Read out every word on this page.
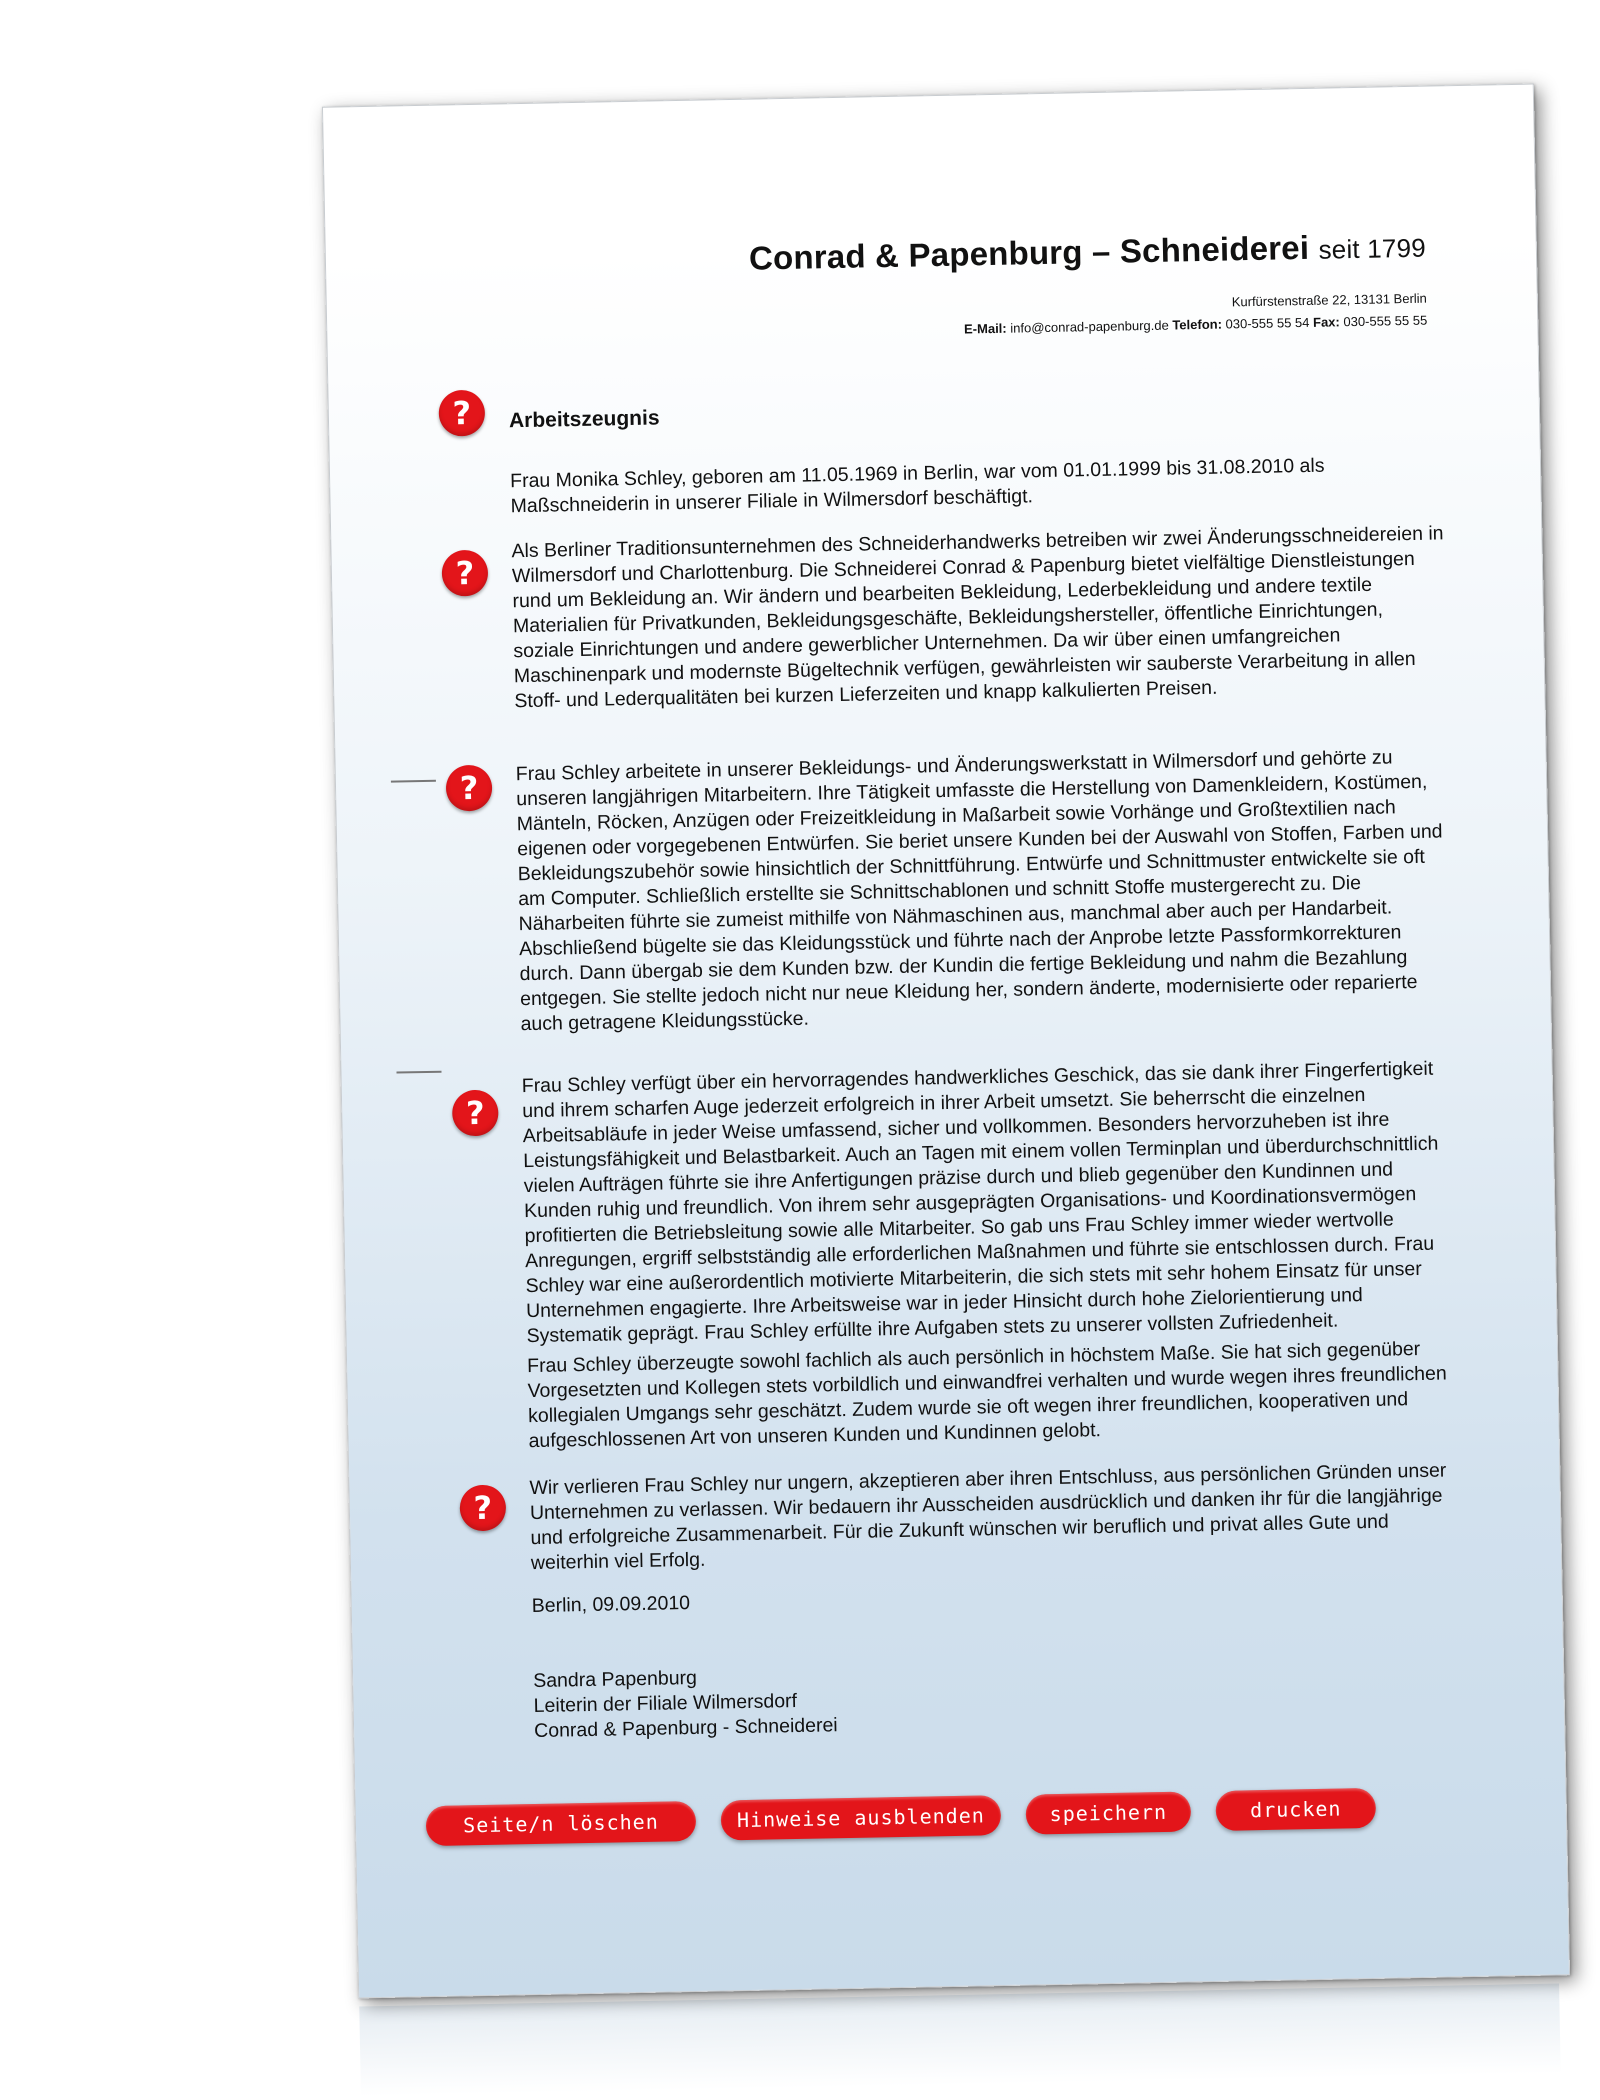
Conrad & Papenburg – Schneiderei seit 1799
Kurfürstenstraße 22, 13131 Berlin
E-Mail: info@conrad-papenburg.de Telefon: 030-555 55 54 Fax: 030-555 55 55
?	Arbeitszeugnis
Frau Monika Schley, geboren am 11.05.1969 in Berlin, war vom 01.01.1999 bis 31.08.2010 als Maßschneiderin in unserer Filiale in Wilmersdorf beschäftigt.
?
Als Berliner Traditionsunternehmen des Schneiderhandwerks betreiben wir zwei Änderungsschneidereien in Wilmersdorf und Charlottenburg. Die Schneiderei Conrad & Papenburg bietet vielfältige Dienstleistungen rund um Bekleidung an. Wir ändern und bearbeiten Bekleidung, Lederbekleidung und andere textile Materialien für Privatkunden, Bekleidungsgeschäfte, Bekleidungshersteller, öffentliche Einrichtungen, soziale Einrichtungen und andere gewerblicher Unternehmen. Da wir über einen umfangreichen Maschinenpark und modernste Bügeltechnik verfügen, gewährleisten wir sauberste Verarbeitung in allen Stoff- und Lederqualitäten bei kurzen Lieferzeiten und knapp kalkulierten Preisen.
?
Frau Schley arbeitete in unserer Bekleidungs- und Änderungswerkstatt in Wilmersdorf und gehörte zu unseren langjährigen Mitarbeitern. Ihre Tätigkeit umfasste die Herstellung von Damenkleidern, Kostümen, Mänteln, Röcken, Anzügen oder Freizeitkleidung in Maßarbeit sowie Vorhänge und Großtextilien nach eigenen oder vorgegebenen Entwürfen. Sie beriet unsere Kunden bei der Auswahl von Stoffen, Farben und Bekleidungszubehör sowie hinsichtlich der Schnittführung. Entwürfe und Schnittmuster entwickelte sie oft am Computer. Schließlich erstellte sie Schnittschablonen und schnitt Stoffe mustergerecht zu. Die Näharbeiten führte sie zumeist mithilfe von Nähmaschinen aus, manchmal aber auch per Handarbeit. Abschließend bügelte sie das Kleidungsstück und führte nach der Anprobe letzte Passformkorrekturen durch. Dann übergab sie dem Kunden bzw. der Kundin die fertige Bekleidung und nahm die Bezahlung entgegen. Sie stellte jedoch nicht nur neue Kleidung her, sondern änderte, modernisierte oder reparierte auch getragene Kleidungsstücke.
?
Frau Schley verfügt über ein hervorragendes handwerkliches Geschick, das sie dank ihrer Fingerfertigkeit und ihrem scharfen Auge jederzeit erfolgreich in ihrer Arbeit umsetzt. Sie beherrscht die einzelnen Arbeitsabläufe in jeder Weise umfassend, sicher und vollkommen. Besonders hervorzuheben ist ihre Leistungsfähigkeit und Belastbarkeit. Auch an Tagen mit einem vollen Terminplan und überdurchschnittlich vielen Aufträgen führte sie ihre Anfertigungen präzise durch und blieb gegenüber den Kundinnen und Kunden ruhig und freundlich. Von ihrem sehr ausgeprägten Organisations- und Koordinationsvermögen profitierten die Betriebsleitung sowie alle Mitarbeiter. So gab uns Frau Schley immer wieder wertvolle Anregungen, ergriff selbstständig alle erforderlichen Maßnahmen und führte sie entschlossen durch. Frau Schley war eine außerordentlich motivierte Mitarbeiterin, die sich stets mit sehr hohem Einsatz für unser Unternehmen engagierte. Ihre Arbeitsweise war in jeder Hinsicht durch hohe Zielorientierung und Systematik geprägt. Frau Schley erfüllte ihre Aufgaben stets zu unserer vollsten Zufriedenheit.
Frau Schley überzeugte sowohl fachlich als auch persönlich in höchstem Maße. Sie hat sich gegenüber Vorgesetzten und Kollegen stets vorbildlich und einwandfrei verhalten und wurde wegen ihres freundlichen kollegialen Umgangs sehr geschätzt. Zudem wurde sie oft wegen ihrer freundlichen, kooperativen und aufgeschlossenen Art von unseren Kunden und Kundinnen gelobt.
?
Wir verlieren Frau Schley nur ungern, akzeptieren aber ihren Entschluss, aus persönlichen Gründen unser Unternehmen zu verlassen. Wir bedauern ihr Ausscheiden ausdrücklich und danken ihr für die langjährige und erfolgreiche Zusammenarbeit. Für die Zukunft wünschen wir beruflich und privat alles Gute und weiterhin viel Erfolg.
Berlin, 09.09.2010
Sandra Papenburg
Leiterin der Filiale Wilmersdorf
Conrad & Papenburg - Schneiderei
Seite/n löschen	Hinweise ausblenden	speichern	drucken
